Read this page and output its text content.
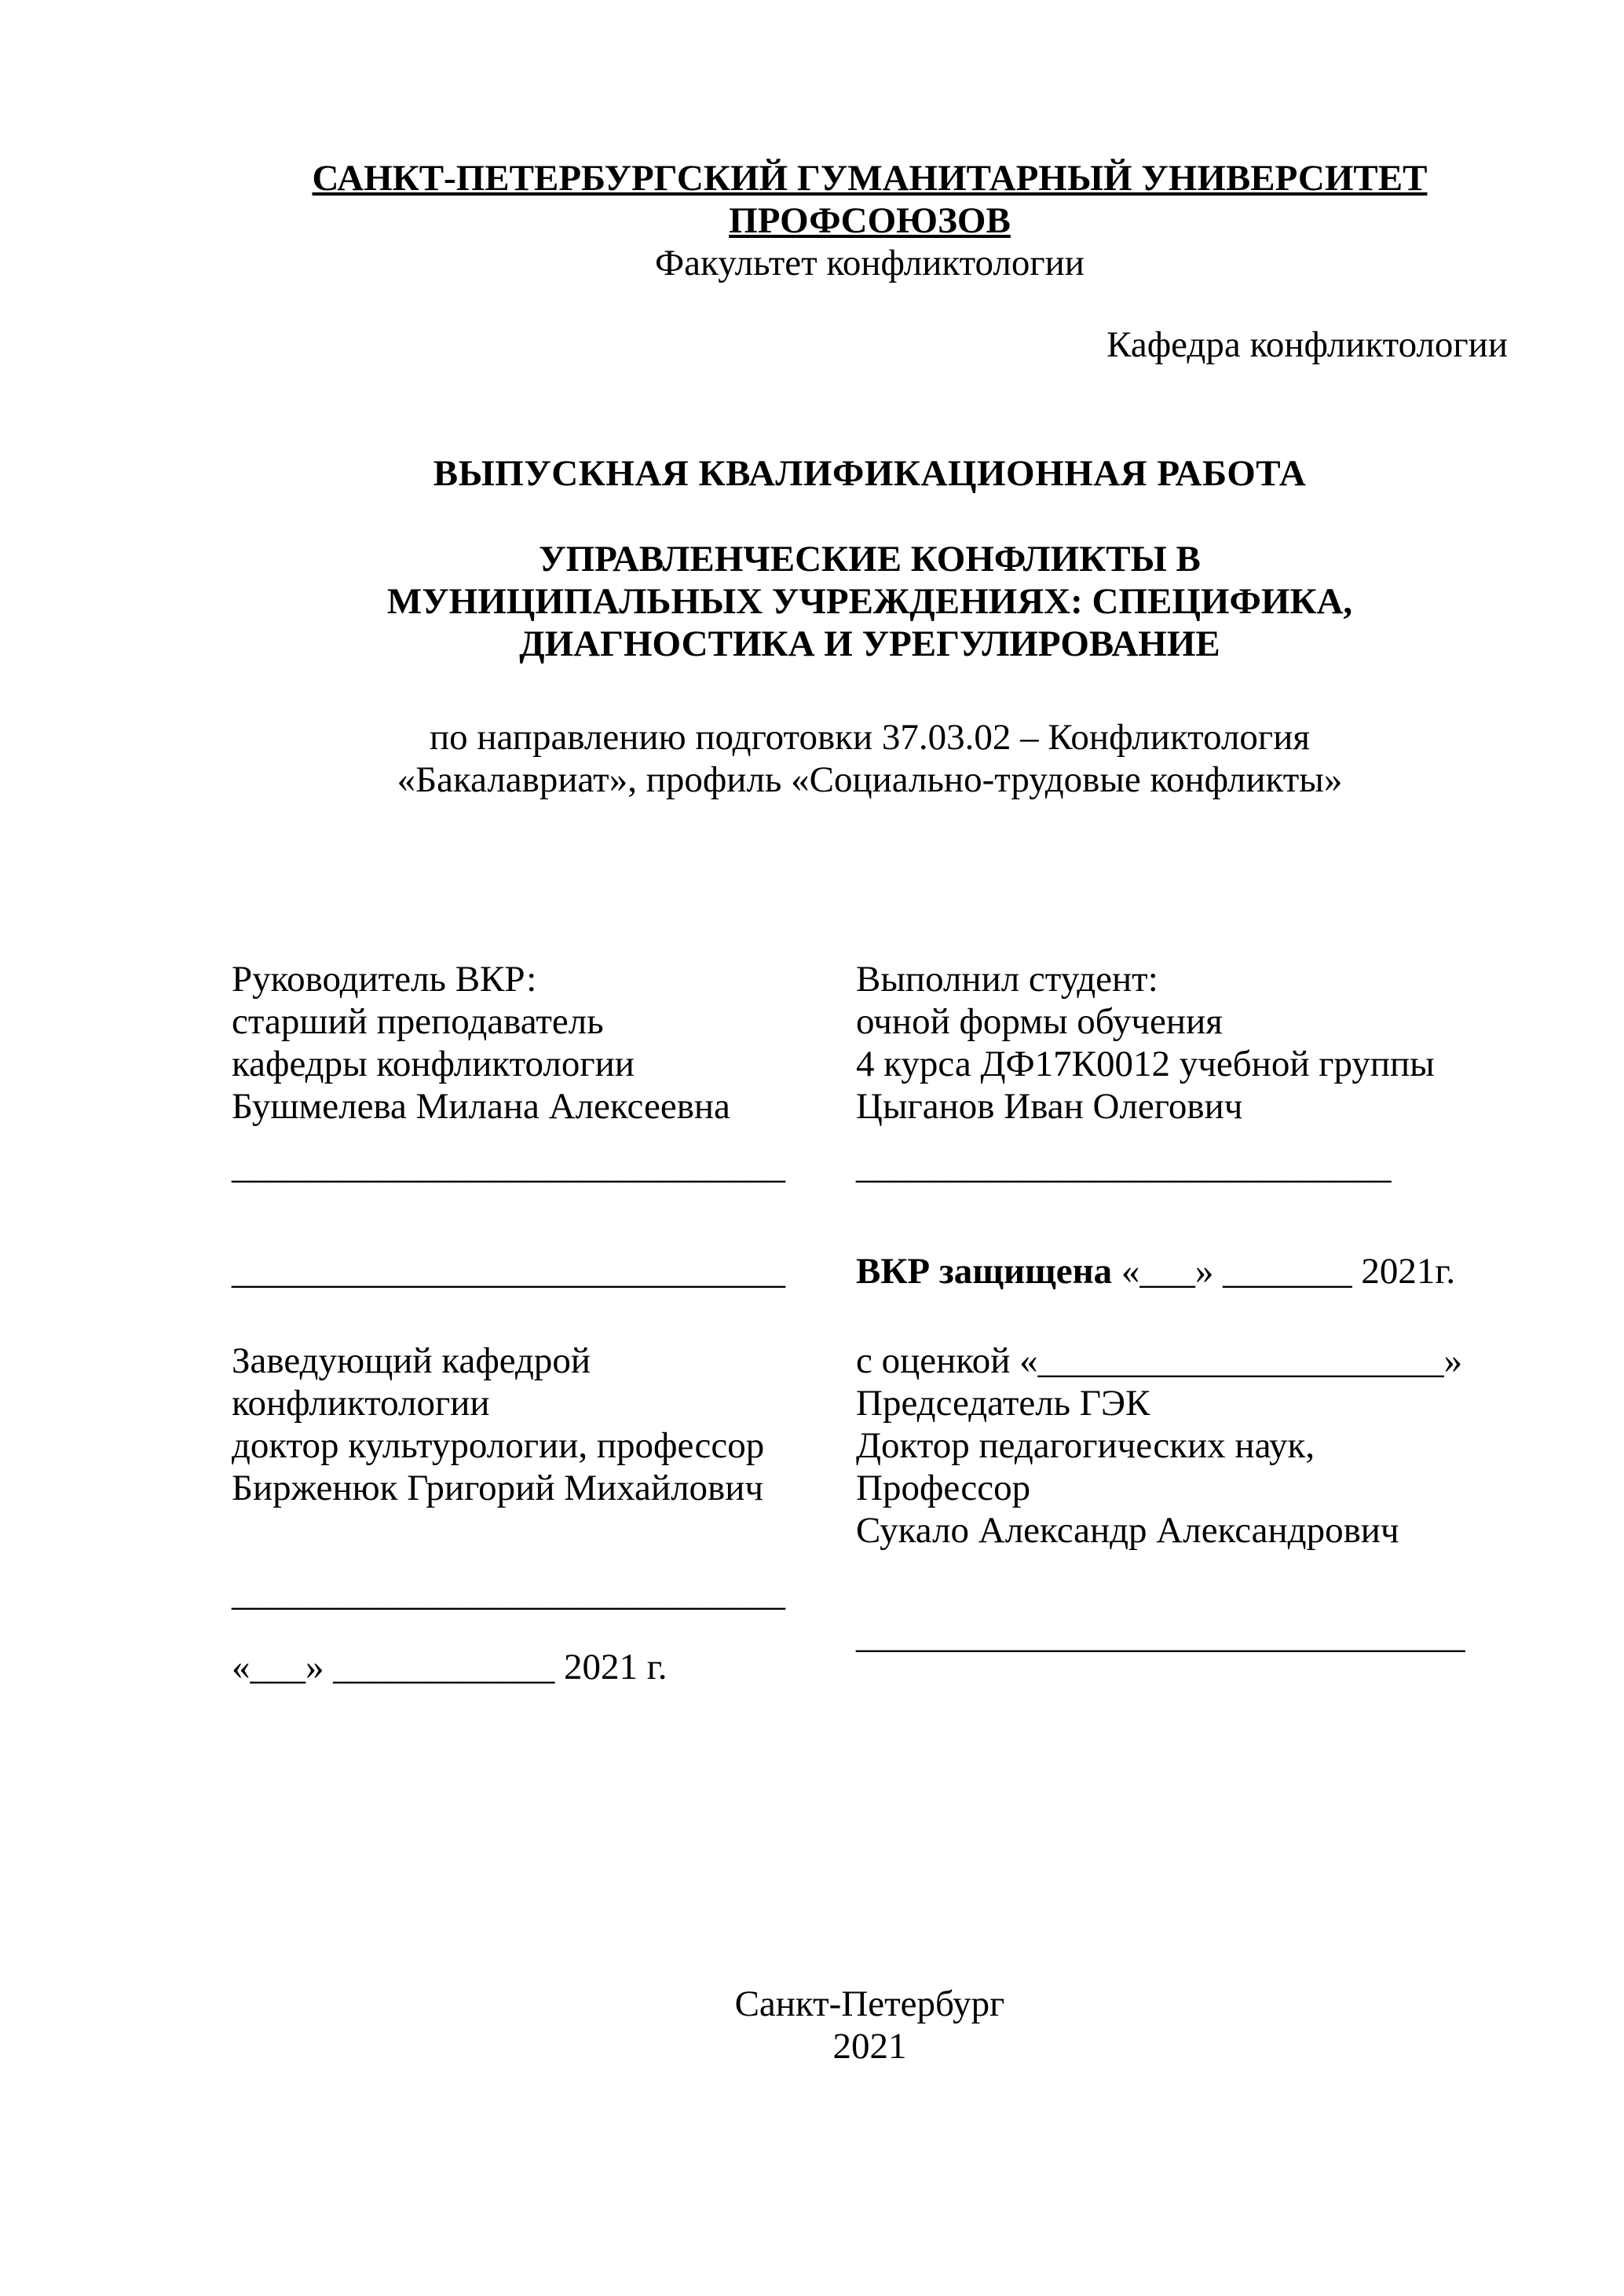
САНКТ-ПЕТЕРБУРГСКИЙ ГУМАНИТАРНЫЙ УНИВЕРСИТЕТ ПРОФСОЮЗОВ
Факультет конфликтологии
Кафедра конфликтологии
ВЫПУСКНАЯ КВАЛИФИКАЦИОННАЯ РАБОТА
УПРАВЛЕНЧЕСКИЕ КОНФЛИКТЫ В МУНИЦИПАЛЬНЫХ УЧРЕЖДЕНИЯХ: СПЕЦИФИКА, ДИАГНОСТИКА И УРЕГУЛИРОВАНИЕ
по направлению подготовки 37.03.02 – Конфликтология
«Бакалавриат», профиль «Социально-трудовые конфликты»
Руководитель ВКР:
старший преподаватель
кафедры конфликтологии
Бушмелева Милана Алексеевна
______________________________
______________________________
Заведующий кафедрой
конфликтологии
доктор культурологии, профессор
Бирженюк Григорий Михайлович
______________________________
«___» ____________ 2021 г.
Выполнил студент:
очной формы обучения
4 курса ДФ17К0012 учебной группы
Цыганов Иван Олегович
_____________________________
ВКР защищена «___» _______ 2021г.
с оценкой «______________________»
Председатель ГЭК
Доктор педагогических наук,
Профессор
Сукало Александр Александрович
_________________________________
Санкт-Петербург
2021
